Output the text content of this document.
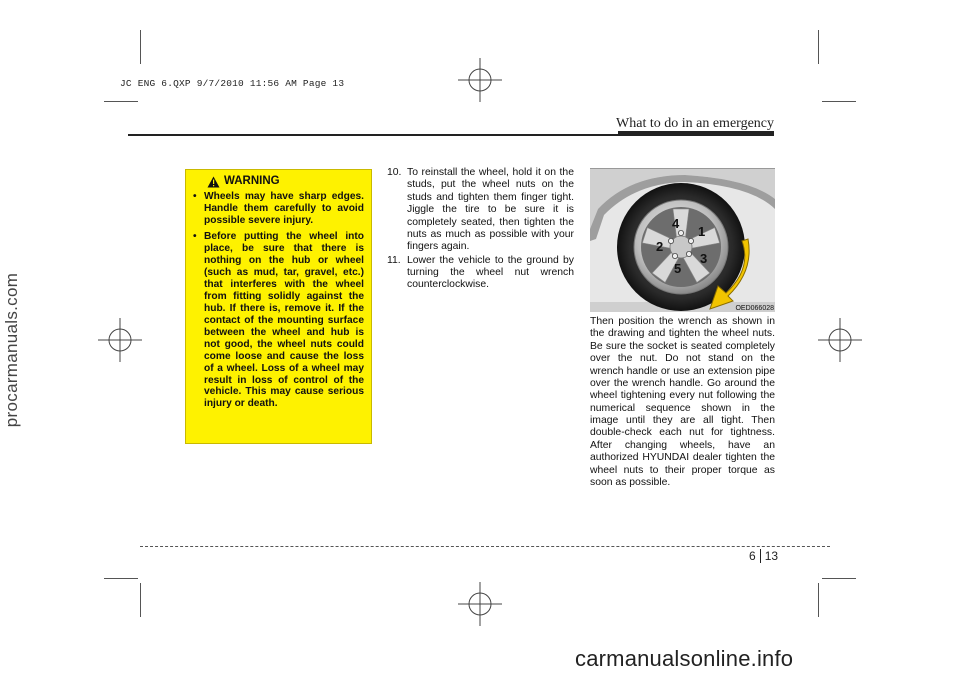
JC ENG 6.QXP 9/7/2010 11:56 AM Page 13
procarmanuals.com
What to do in an emergency
WARNING
• Wheels may have sharp edges. Handle them carefully to avoid possible severe injury.
• Before putting the wheel into place, be sure that there is nothing on the hub or wheel (such as mud, tar, gravel, etc.) that interferes with the wheel from fitting solidly against the hub. If there is, remove it. If the contact of the mounting surface between the wheel and hub is not good, the wheel nuts could come loose and cause the loss of a wheel. Loss of a wheel may result in loss of control of the vehicle. This may cause serious injury or death.
10. To reinstall the wheel, hold it on the studs, put the wheel nuts on the studs and tighten them finger tight. Jiggle the tire to be sure it is completely seated, then tighten the nuts as much as possible with your fingers again.
11. Lower the vehicle to the ground by turning the wheel nut wrench counterclockwise.
1
2
3
4
5
OED066028
Then position the wrench as shown in the drawing and tighten the wheel nuts. Be sure the socket is seated completely over the nut. Do not stand on the wrench handle or use an extension pipe over the wrench handle. Go around the wheel tightening every nut following the numerical sequence shown in the image until they are all tight. Then double-check each nut for tightness. After changing wheels, have an authorized HYUNDAI dealer tighten the wheel nuts to their proper torque as soon as possible.
6 13
carmanualsonline.info
